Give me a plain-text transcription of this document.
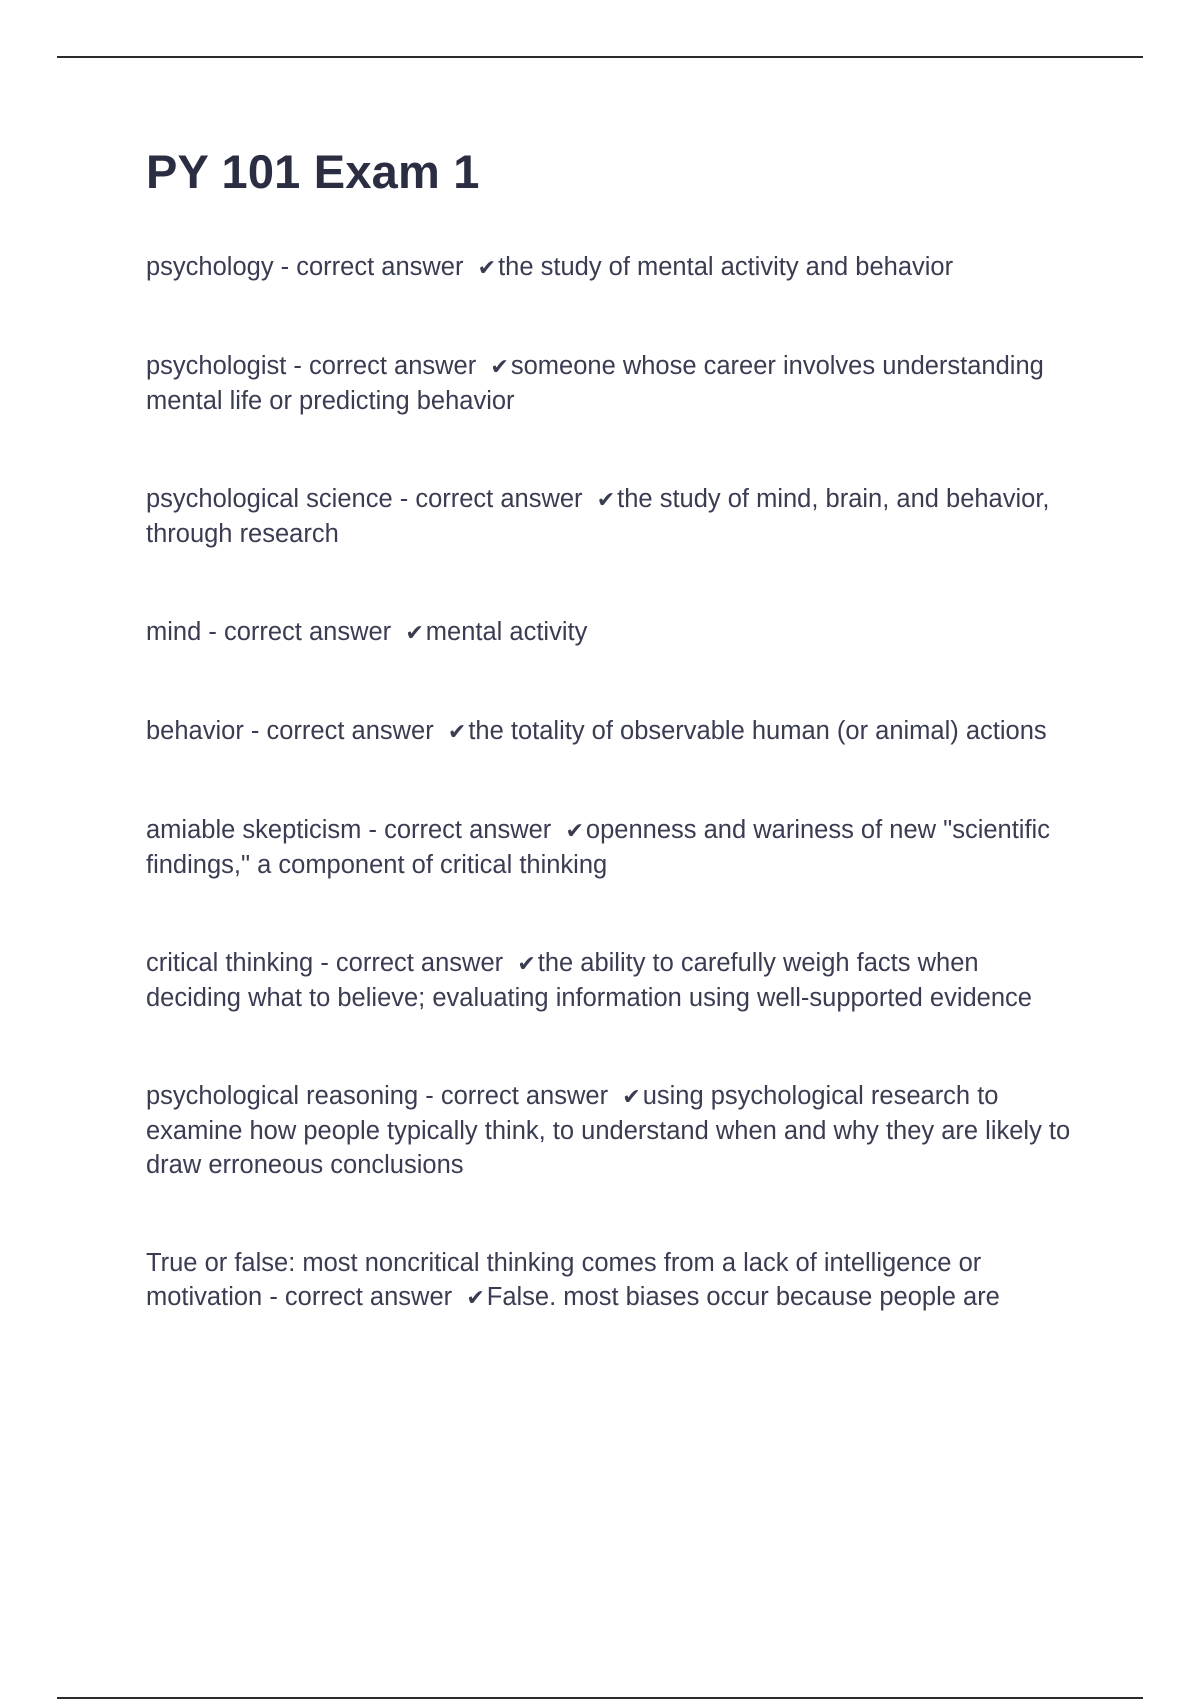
PY 101 Exam 1

psychology - correct answer ✔the study of mental activity and behavior

psychologist - correct answer ✔someone whose career involves understanding mental life or predicting behavior

psychological science - correct answer ✔the study of mind, brain, and behavior, through research

mind - correct answer ✔mental activity

behavior - correct answer ✔the totality of observable human (or animal) actions

amiable skepticism - correct answer ✔openness and wariness of new "scientific findings," a component of critical thinking

critical thinking - correct answer ✔the ability to carefully weigh facts when deciding what to believe; evaluating information using well-supported evidence

psychological reasoning - correct answer ✔using psychological research to examine how people typically think, to understand when and why they are likely to draw erroneous conclusions

True or false: most noncritical thinking comes from a lack of intelligence or motivation - correct answer ✔False. most biases occur because people are
